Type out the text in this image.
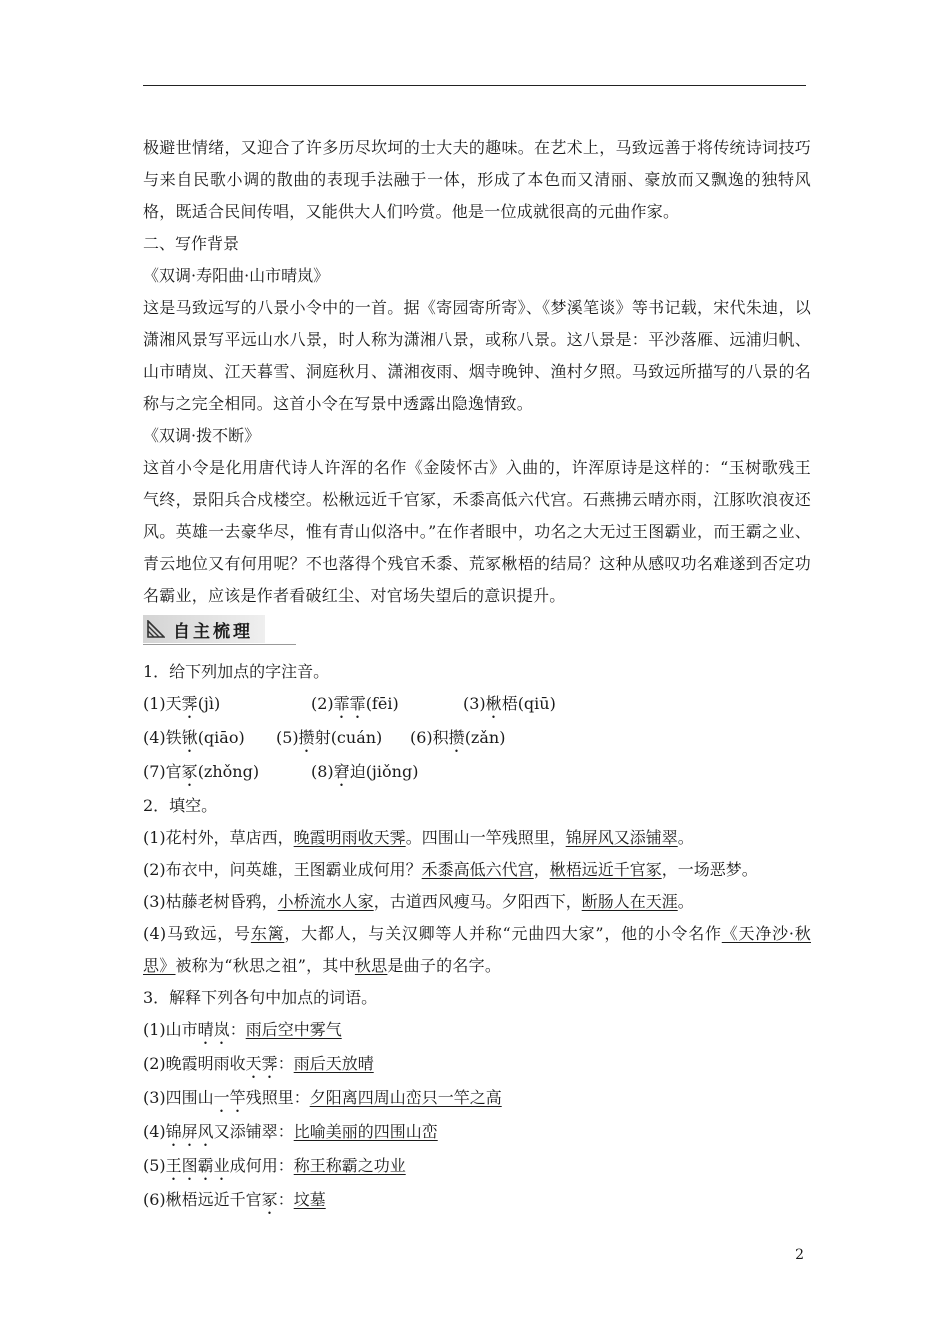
极避世情绪，又迎合了许多历尽坎坷的士大夫的趣味。在艺术上，马致远善于将传统诗词技巧与来自民歌小调的散曲的表现手法融于一体，形成了本色而又清丽、豪放而又飘逸的独特风格，既适合民间传唱，又能供大人们吟赏。他是一位成就很高的元曲作家。

二、写作背景

《双调·寿阳曲·山市晴岚》

这是马致远写的八景小令中的一首。据《寄园寄所寄》、《梦溪笔谈》等书记载，宋代朱迪，以潇湘风景写平远山水八景，时人称为潇湘八景，或称八景。这八景是：平沙落雁、远浦归帆、山市晴岚、江天暮雪、洞庭秋月、潇湘夜雨、烟寺晚钟、渔村夕照。马致远所描写的八景的名称与之完全相同。这首小令在写景中透露出隐逸情致。

《双调·拨不断》

这首小令是化用唐代诗人许浑的名作《金陵怀古》入曲的，许浑原诗是这样的：“玉树歌残王气终，景阳兵合戍楼空。松楸远近千官冢，禾黍高低六代宫。石燕拂云晴亦雨，江豚吹浪夜还风。英雄一去豪华尽，惟有青山似洛中。”在作者眼中，功名之大无过王图霸业，而王霸之业、青云地位又有何用呢？不也落得个残官禾黍、荒冢楸梧的结局？这种从感叹功名难遂到否定功名霸业，应该是作者看破红尘、对官场失望后的意识提升。

自主梳理

1．给下列加点的字注音。

(1)天霁(jì)	(2)霏霏(fēi)	(3)楸梧(qiū)

(4)铁锹(qiāo)	(5)攒射(cuán)	(6)积攒(zǎn)

(7)官冢(zhǒng)	(8)窘迫(jiǒng)

2．填空。

(1)花村外，草店西，晚霞明雨收天霁。四围山一竿残照里，锦屏风又添铺翠。

(2)布衣中，问英雄，王图霸业成何用？禾黍高低六代宫，楸梧远近千官冢，一场恶梦。

(3)枯藤老树昏鸦，小桥流水人家，古道西风瘦马。夕阳西下，断肠人在天涯。

(4)马致远，号东篱，大都人，与关汉卿等人并称“元曲四大家”，他的小令名作《天净沙·秋思》被称为“秋思之祖”，其中秋思是曲子的名字。

3．解释下列各句中加点的词语。

(1)山市晴岚：雨后空中雾气

(2)晚霞明雨收天霁：雨后天放晴

(3)四围山一竿残照里：夕阳离四周山峦只一竿之高

(4)锦屏风又添铺翠：比喻美丽的四围山峦

(5)王图霸业成何用：称王称霸之功业

(6)楸梧远近千官冢：坟墓

2
